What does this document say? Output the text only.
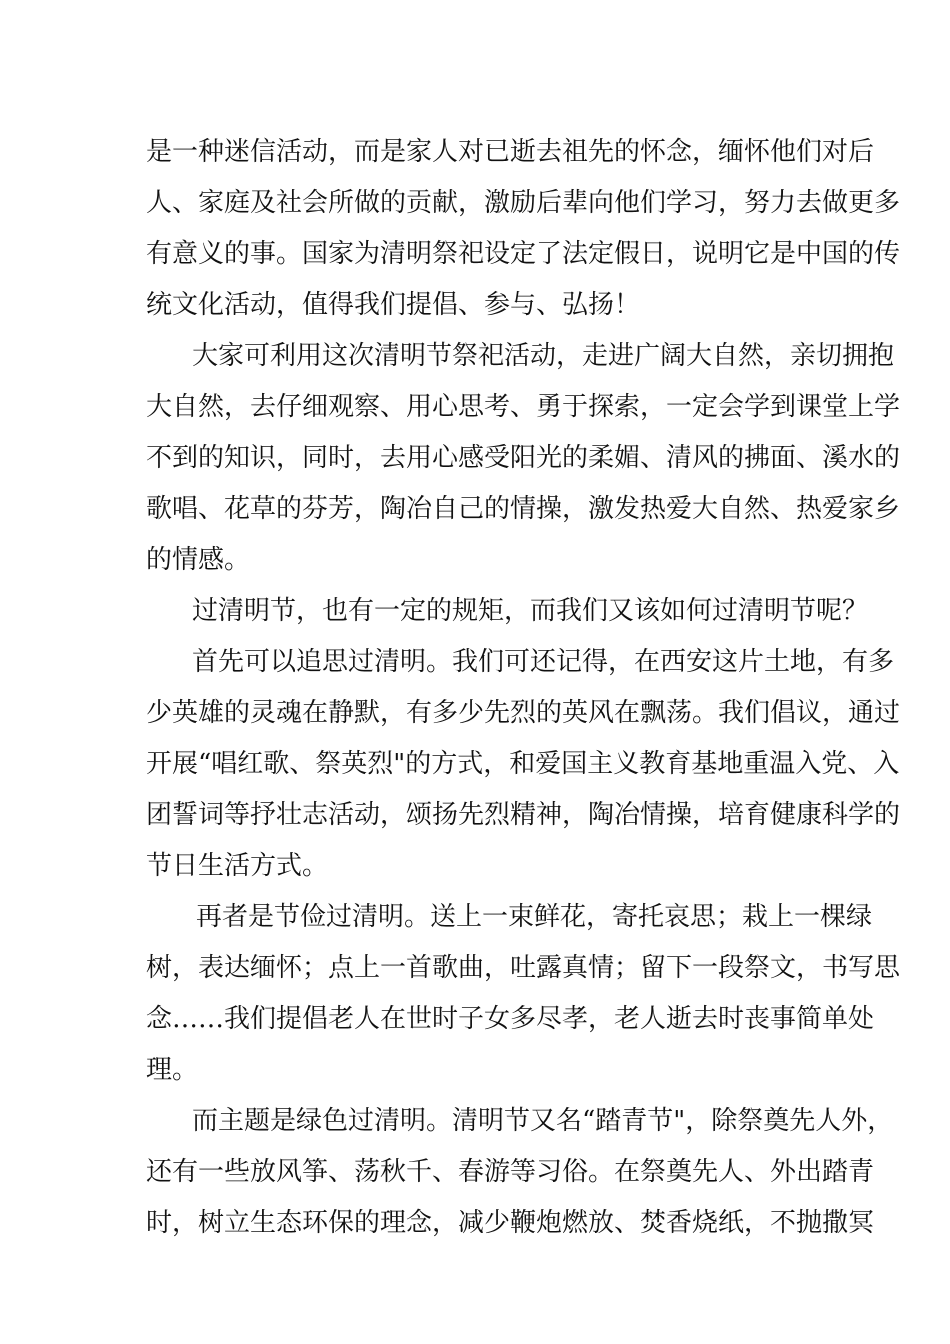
是一种迷信活动，而是家人对已逝去祖先的怀念，缅怀他们对后
人、家庭及社会所做的贡献，激励后辈向他们学习，努力去做更多
有意义的事。国家为清明祭祀设定了法定假日，说明它是中国的传
统文化活动，值得我们提倡、参与、弘扬！
大家可利用这次清明节祭祀活动，走进广阔大自然，亲切拥抱
大自然，去仔细观察、用心思考、勇于探索，一定会学到课堂上学
不到的知识，同时，去用心感受阳光的柔媚、清风的拂面、溪水的
歌唱、花草的芬芳，陶冶自己的情操，激发热爱大自然、热爱家乡
的情感。
过清明节，也有一定的规矩，而我们又该如何过清明节呢？
首先可以追思过清明。我们可还记得，在西安这片土地，有多
少英雄的灵魂在静默，有多少先烈的英风在飘荡。我们倡议，通过
开展“唱红歌、祭英烈"的方式，和爱国主义教育基地重温入党、入
团誓词等抒壮志活动，颂扬先烈精神，陶冶情操，培育健康科学的
节日生活方式。
再者是节俭过清明。送上一束鲜花，寄托哀思；栽上一棵绿
树，表达缅怀；点上一首歌曲，吐露真情；留下一段祭文，书写思
念……我们提倡老人在世时子女多尽孝，老人逝去时丧事简单处
理。
而主题是绿色过清明。清明节又名“踏青节"，除祭奠先人外，
还有一些放风筝、荡秋千、春游等习俗。在祭奠先人、外出踏青
时，树立生态环保的理念，减少鞭炮燃放、焚香烧纸，不抛撒冥
